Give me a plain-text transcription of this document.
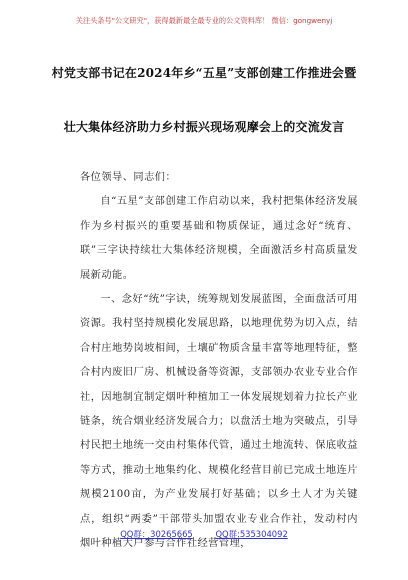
关注头条号"公文研究"，获得最新最全最专业的公文资料库！ 微信：gongwenyj
村党支部书记在2024年乡“五星”支部创建工作推进会暨
壮大集体经济助力乡村振兴现场观摩会上的交流发言

各位领导、同志们：

自“五星”支部创建工作启动以来，我村把集体经济发展作为乡村振兴的重要基础和物质保证，通过念好“统育、联”三字诀持续壮大集体经济规模，全面激活乡村高质量发展新动能。

一、念好“统”字诀，统筹规划发展蓝图，全面盘活可用资源。我村坚持规模化发展思路，以地理优势为切入点，结合村庄地势岗坡相间，土壤矿物质含量丰富等地理特征，整合村内废旧厂房、机械设备等资源，支部领办农业专业合作社，因地制宜制定烟叶种植加工一体发展规划着力拉长产业链条，统合烟业经济发展合力；以盘活土地为突破点，引导村民把土地统一交由村集体代管，通过土地流转、保底收益等方式，推动土地集约化、规模化经营目前已完成土地连片规模2100亩，为产业发展打好基础；以乡土人才为关键点，组织“两委”干部带头加盟农业专业合作社，发动村内烟叶种植大户参与合作社经营管理，

QQ群：30265665	QQ群:535304092
